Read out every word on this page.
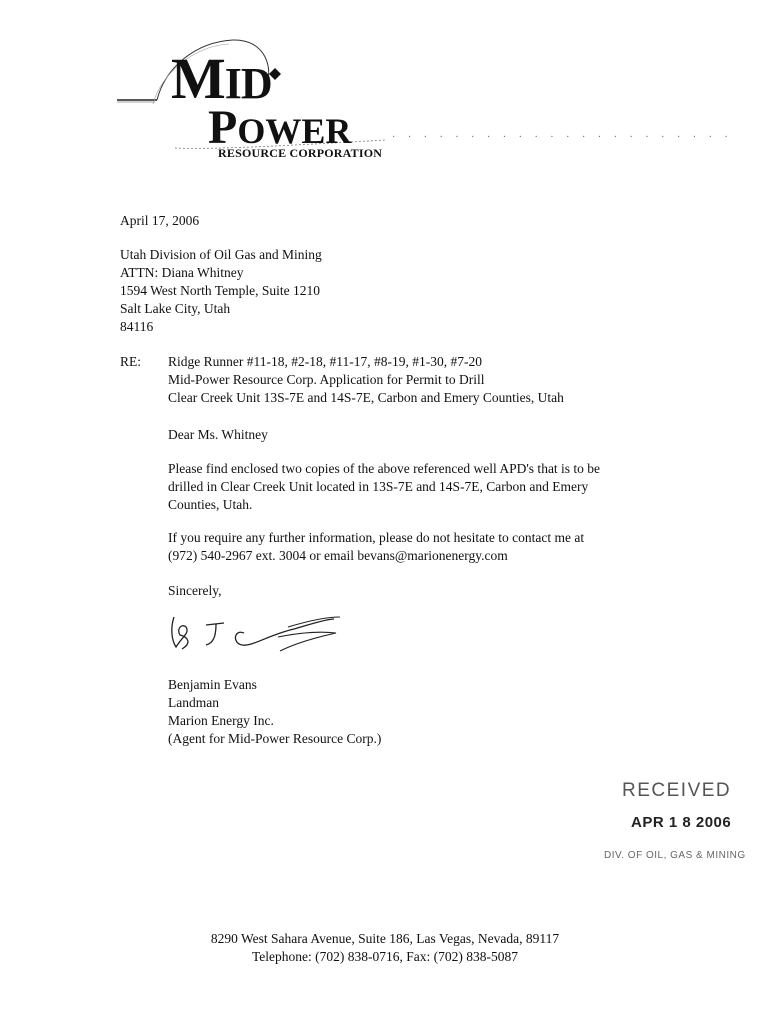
MID
POWER
RESOURCE CORPORATION
· · · · · · · · · · · · · · · · · · · · · ·
April 17, 2006
Utah Division of Oil Gas and Mining
ATTN: Diana Whitney
1594 West North Temple, Suite 1210
Salt Lake City, Utah
84116
RE: Ridge Runner #11-18, #2-18, #11-17, #8-19, #1-30, #7-20
Mid-Power Resource Corp. Application for Permit to Drill
Clear Creek Unit 13S-7E and 14S-7E, Carbon and Emery Counties, Utah
Dear Ms. Whitney
Please find enclosed two copies of the above referenced well APD's that is to be
drilled in Clear Creek Unit located in 13S-7E and 14S-7E, Carbon and Emery
Counties, Utah.
If you require any further information, please do not hesitate to contact me at
(972) 540-2967 ext. 3004 or email bevans@marionenergy.com
Sincerely,
Benjamin Evans
Landman
Marion Energy Inc.
(Agent for Mid-Power Resource Corp.)
RECEIVED
APR 1 8 2006
DIV. OF OIL, GAS & MINING
8290 West Sahara Avenue, Suite 186, Las Vegas, Nevada, 89117
Telephone: (702) 838-0716, Fax: (702) 838-5087
